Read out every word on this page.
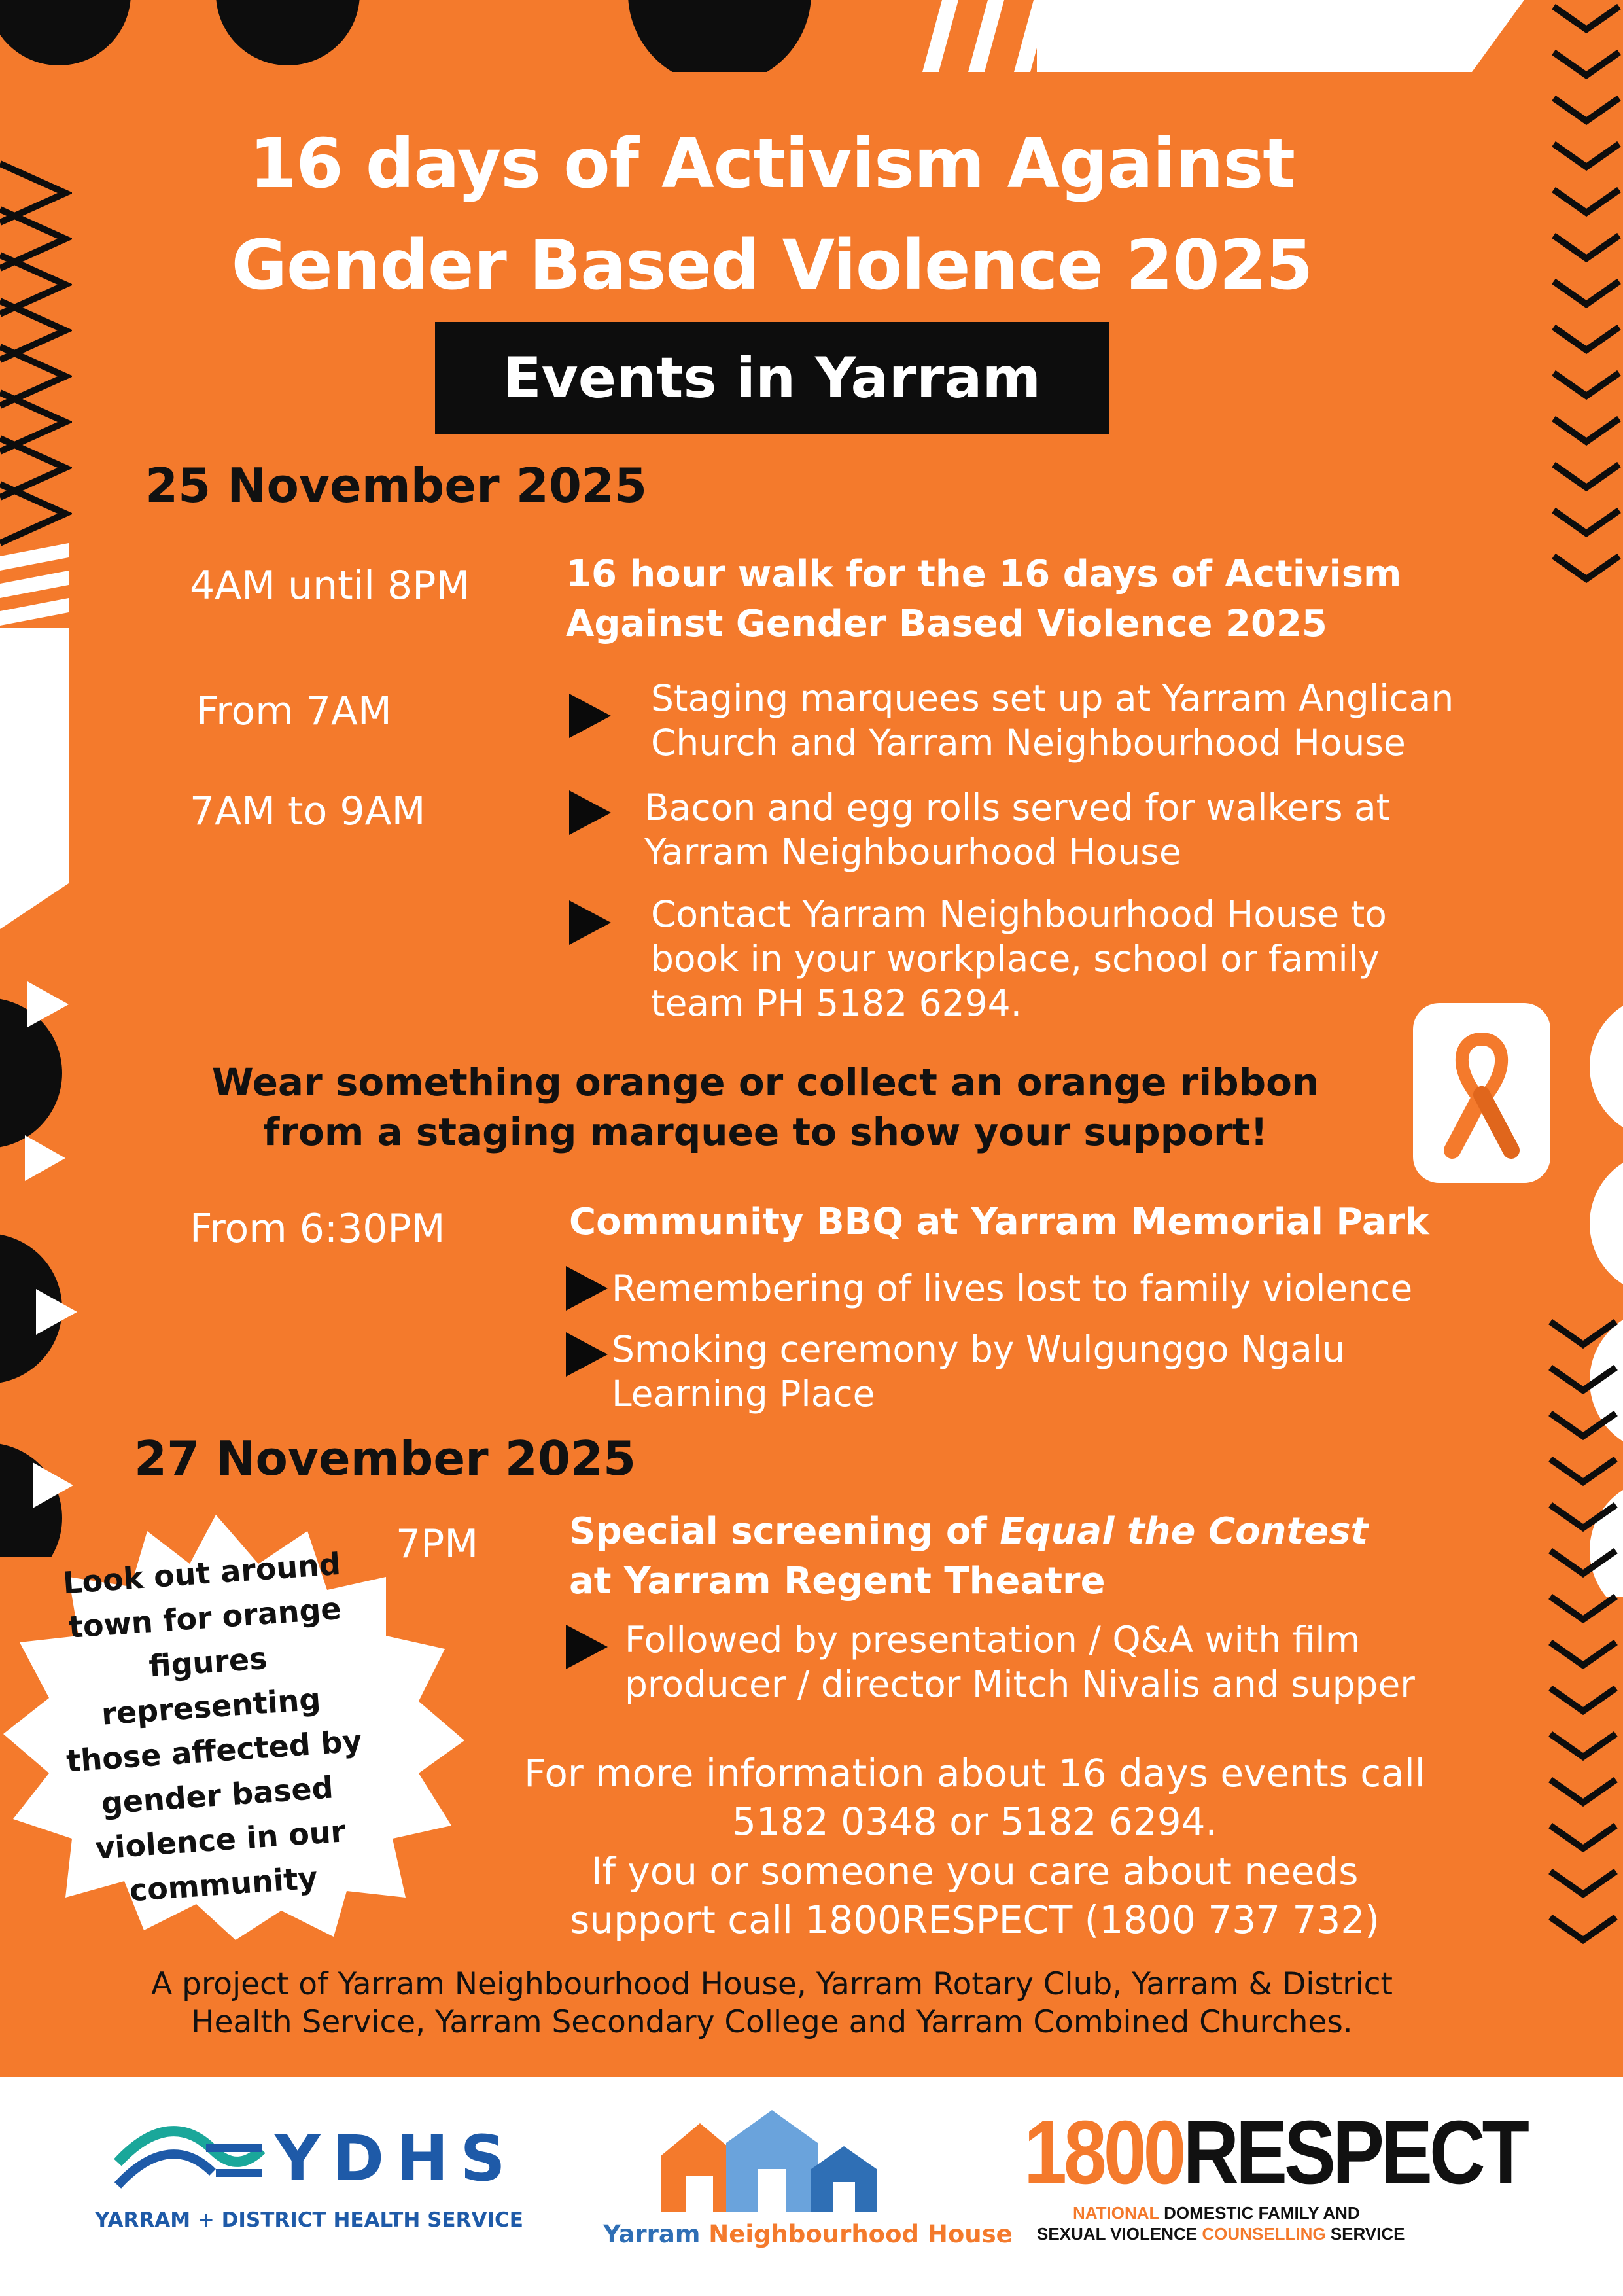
16 days of Activism Against
Gender Based Violence 2025
Events in Yarram
25 November 2025
4AM until 8PM	16 hour walk for the 16 days of Activism
Against Gender Based Violence 2025
From 7AM	Staging marquees set up at Yarram Anglican
Church and Yarram Neighbourhood House
7AM to 9AM	Bacon and egg rolls served for walkers at
Yarram Neighbourhood House
Contact Yarram Neighbourhood House to
book in your workplace, school or family
team PH 5182 6294.
Wear something orange or collect an orange ribbon
from a staging marquee to show your support!
From 6:30PM	Community BBQ at Yarram Memorial Park
Remembering of lives lost to family violence
Smoking ceremony by Wulgunggo Ngalu
Learning Place
27 November 2025
7PM Special screening of Equal the Contest
at Yarram Regent Theatre
Followed by presentation / Q&A with film
producer / director Mitch Nivalis and supper
Look out around
town for orange
figures
representing
those affected by
gender based
violence in our
community
For more information about 16 days events call
5182 0348 or 5182 6294.
If you or someone you care about needs
support call 1800RESPECT (1800 737 732)
A project of Yarram Neighbourhood House, Yarram Rotary Club, Yarram & District
Health Service, Yarram Secondary College and Yarram Combined Churches.
YDHS
YARRAM + DISTRICT HEALTH SERVICE	Yarram Neighbourhood House
1800RESPECT
NATIONAL DOMESTIC FAMILY AND
SEXUAL VIOLENCE COUNSELLING SERVICE
